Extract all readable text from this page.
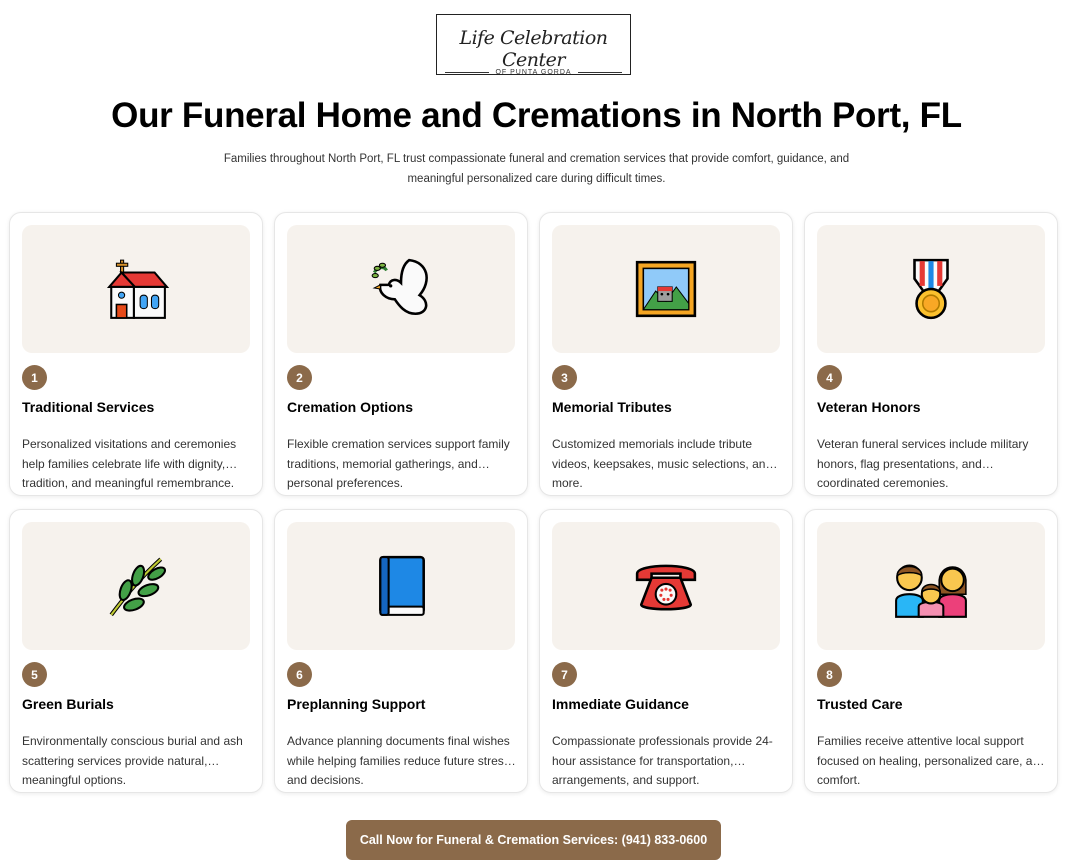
Life Celebration Center
OF PUNTA GORDA
Our Funeral Home and Cremations in North Port, FL

Families throughout North Port, FL trust compassionate funeral and cremation services that provide comfort, guidance, and meaningful personalized care during difficult times.

1
Traditional Services
Personalized visitations and ceremonies help families celebrate life with dignity, tradition, and meaningful remembrance.
2
Cremation Options
Flexible cremation services support family traditions, memorial gatherings, and personal preferences.
3
Memorial Tributes
Customized memorials include tribute videos, keepsakes, music selections, and more.
4
Veteran Honors
Veteran funeral services include military honors, flag presentations, and coordinated ceremonies.
5
Green Burials
Environmentally conscious burial and ash scattering services provide natural, meaningful options.
6
Preplanning Support
Advance planning documents final wishes while helping families reduce future stress and decisions.
7
Immediate Guidance
Compassionate professionals provide 24-hour assistance for transportation, arrangements, and support.
8
Trusted Care
Families receive attentive local support focused on healing, personalized care, and comfort.
Call Now for Funeral & Cremation Services: (941) 833-0600
